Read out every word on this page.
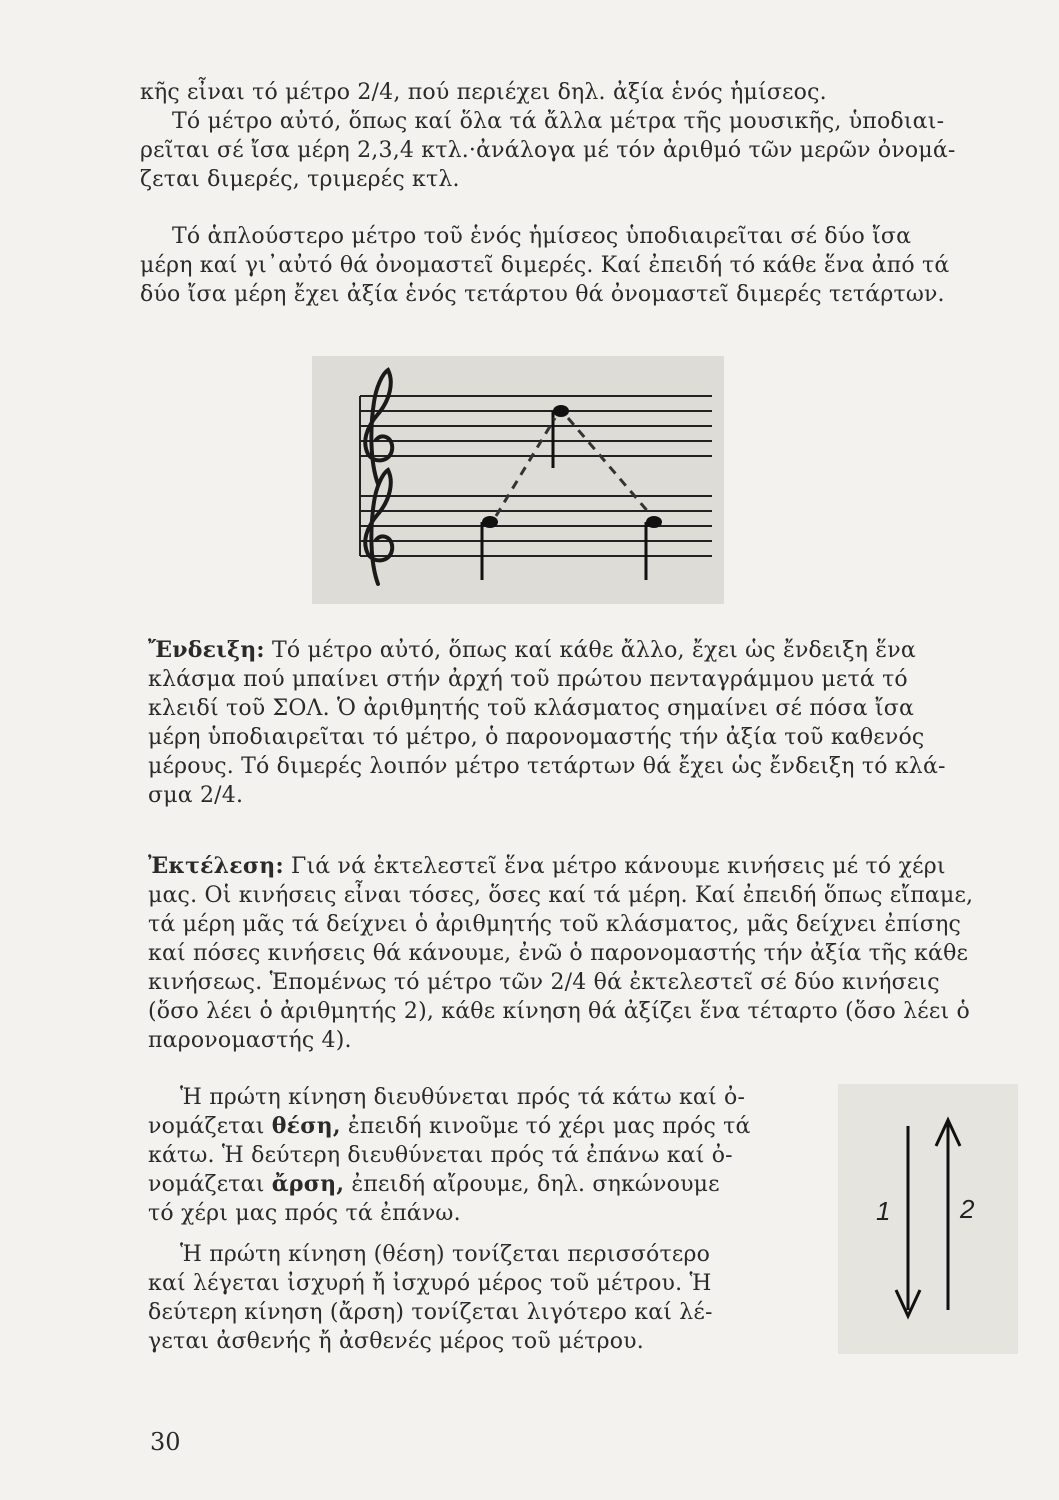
κῆς εἶναι τό μέτρο 2/4, πού περιέχει δηλ. ἀξία ἑνός ἡμίσεος.
Τό μέτρο αὐτό, ὅπως καί ὅλα τά ἄλλα μέτρα τῆς μουσικῆς, ὑποδιαι-
ρεῖται σέ ἴσα μέρη 2,3,4 κτλ.·ἀνάλογα μέ τόν ἀριθμό τῶν μερῶν ὀνομά-
ζεται διμερές, τριμερές κτλ.
Τό ἁπλούστερο μέτρο τοῦ ἑνός ἡμίσεος ὑποδιαιρεῖται σέ δύο ἴσα
μέρη καί γι᾽αὐτό θά ὀνομαστεῖ διμερές. Καί ἐπειδή τό κάθε ἕνα ἀπό τά
δύο ἴσα μέρη ἔχει ἀξία ἑνός τετάρτου θά ὀνομαστεῖ διμερές τετάρτων.
Ἔνδειξη: Τό μέτρο αὐτό, ὅπως καί κάθε ἄλλο, ἔχει ὡς ἔνδειξη ἕνα
κλάσμα πού μπαίνει στήν ἀρχή τοῦ πρώτου πενταγράμμου μετά τό
κλειδί τοῦ ΣΟΛ. Ὁ ἀριθμητής τοῦ κλάσματος σημαίνει σέ πόσα ἴσα
μέρη ὑποδιαιρεῖται τό μέτρο, ὁ παρονομαστής τήν ἀξία τοῦ καθενός
μέρους. Τό διμερές λοιπόν μέτρο τετάρτων θά ἔχει ὡς ἔνδειξη τό κλά-
σμα 2/4.
Ἐκτέλεση: Γιά νά ἐκτελεστεῖ ἕνα μέτρο κάνουμε κινήσεις μέ τό χέρι
μας. Οἱ κινήσεις εἶναι τόσες, ὅσες καί τά μέρη. Καί ἐπειδή ὅπως εἴπαμε,
τά μέρη μᾶς τά δείχνει ὁ ἀριθμητής τοῦ κλάσματος, μᾶς δείχνει ἐπίσης
καί πόσες κινήσεις θά κάνουμε, ἐνῶ ὁ παρονομαστής τήν ἀξία τῆς κάθε
κινήσεως. Ἑπομένως τό μέτρο τῶν 2/4 θά ἐκτελεστεῖ σέ δύο κινήσεις
(ὅσο λέει ὁ ἀριθμητής 2), κάθε κίνηση θά ἀξίζει ἕνα τέταρτο (ὅσο λέει ὁ
παρονομαστής 4).
Ἡ πρώτη κίνηση διευθύνεται πρός τά κάτω καί ὀ-
νομάζεται θέση, ἐπειδή κινοῦμε τό χέρι μας πρός τά
κάτω. Ἡ δεύτερη διευθύνεται πρός τά ἐπάνω καί ὀ-
νομάζεται ἄρση, ἐπειδή αἴρουμε, δηλ. σηκώνουμε
τό χέρι μας πρός τά ἐπάνω.
Ἡ πρώτη κίνηση (θέση) τονίζεται περισσότερο
καί λέγεται ἰσχυρή ἤ ἰσχυρό μέρος τοῦ μέτρου. Ἡ
δεύτερη κίνηση (ἄρση) τονίζεται λιγότερο καί λέ-
γεται ἀσθενής ἤ ἀσθενές μέρος τοῦ μέτρου.
1	2
30
